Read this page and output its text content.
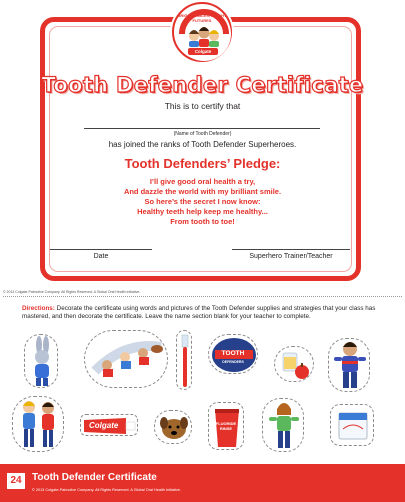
BRIGHT SMILES, BRIGHT FUTURES
Colgate
Tooth Defender Certificate
This is to certify that
(Name of Tooth Defender)
has joined the ranks of Tooth Defender Superheroes.
Tooth Defenders’ Pledge:
I’ll give good oral health a try,
And dazzle the world with my brilliant smile.
So here’s the secret I now know:
Healthy teeth help keep me healthy...
From tooth to toe!
Date	Superhero Trainer/Teacher
© 2013 Colgate-Palmolive Company. All Rights Reserved. A Global Oral Health Initiative.
Directions: Decorate the certificate using words and pictures of the Tooth Defender supplies and strategies that your class has mastered, and then decorate the certificate. Leave the name section blank for your teacher to complete.
TOOTH
DEFENDERS
Colgate	FLUORIDE RINSE
24	Tooth Defender Certificate
© 2013 Colgate-Palmolive Company. All Rights Reserved. A Global Oral Health Initiative.
